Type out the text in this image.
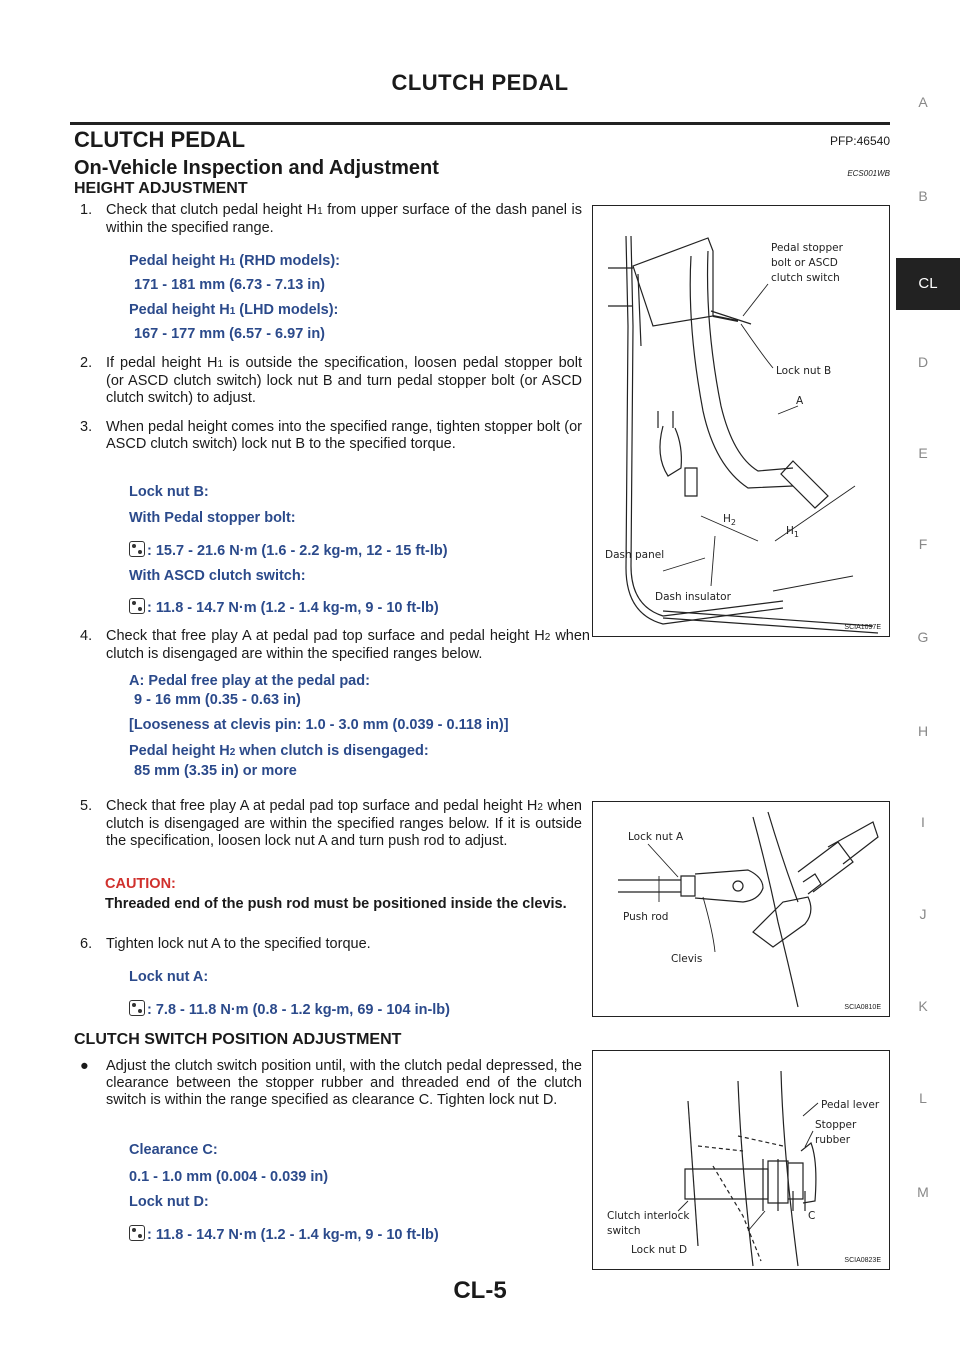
CLUTCH PEDAL
CLUTCH PEDAL	PFP:46540
On-Vehicle Inspection and Adjustment	ECS001WB
A
B
CL
D
E
F
G
H
I
J
K
L
M
HEIGHT ADJUSTMENT
1. Check that clutch pedal height H1 from upper surface of the dash panel is within the specified range.
Pedal height H1 (RHD models):
171 - 181 mm (6.73 - 7.13 in)
Pedal height H1 (LHD models):
167 - 177 mm (6.57 - 6.97 in)
2. If pedal height H1 is outside the specification, loosen pedal stopper bolt (or ASCD clutch switch) lock nut B and turn pedal stopper bolt (or ASCD clutch switch) to adjust.
3. When pedal height comes into the specified range, tighten stopper bolt (or ASCD clutch switch) lock nut B to the specified torque.
Lock nut B:
With Pedal stopper bolt:
: 15.7 - 21.6 N·m (1.6 - 2.2 kg-m, 12 - 15 ft-lb)
With ASCD clutch switch:
: 11.8 - 14.7 N·m (1.2 - 1.4 kg-m, 9 - 10 ft-lb)
4. Check that free play A at pedal pad top surface and pedal height H2 when clutch is disengaged are within the specified ranges below.
A: Pedal free play at the pedal pad:
9 - 16 mm (0.35 - 0.63 in)
[Looseness at clevis pin: 1.0 - 3.0 mm (0.039 - 0.118 in)]
Pedal height H2 when clutch is disengaged:
85 mm (3.35 in) or more
5. Check that free play A at pedal pad top surface and pedal height H2 when clutch is disengaged are within the specified ranges below. If it is outside the specification, loosen lock nut A and turn push rod to adjust.
CAUTION:
Threaded end of the push rod must be positioned inside the clevis.
6. Tighten lock nut A to the specified torque.
Lock nut A:
: 7.8 - 11.8 N·m (0.8 - 1.2 kg-m, 69 - 104 in-lb)
CLUTCH SWITCH POSITION ADJUSTMENT
●	Adjust the clutch switch position until, with the clutch pedal depressed, the clearance between the stopper rubber and threaded end of the clutch switch is within the range specified as clearance C. Tighten lock nut D.
Clearance C:
0.1 - 1.0 mm (0.004 - 0.039 in)
Lock nut D:
: 11.8 - 14.7 N·m (1.2 - 1.4 kg-m, 9 - 10 ft-lb)
Pedal stopper
bolt or ASCD
clutch switch
Lock nut B
A
$H_2$
$H_1$
Dash panel
Dash insulator
SCIA1097E
Lock nut A
Push rod
Clevis
SCIA0810E
Pedal lever
Stopper
rubber
Clutch interlock
switch
C
Lock nut D
SCIA0823E
CL-5
